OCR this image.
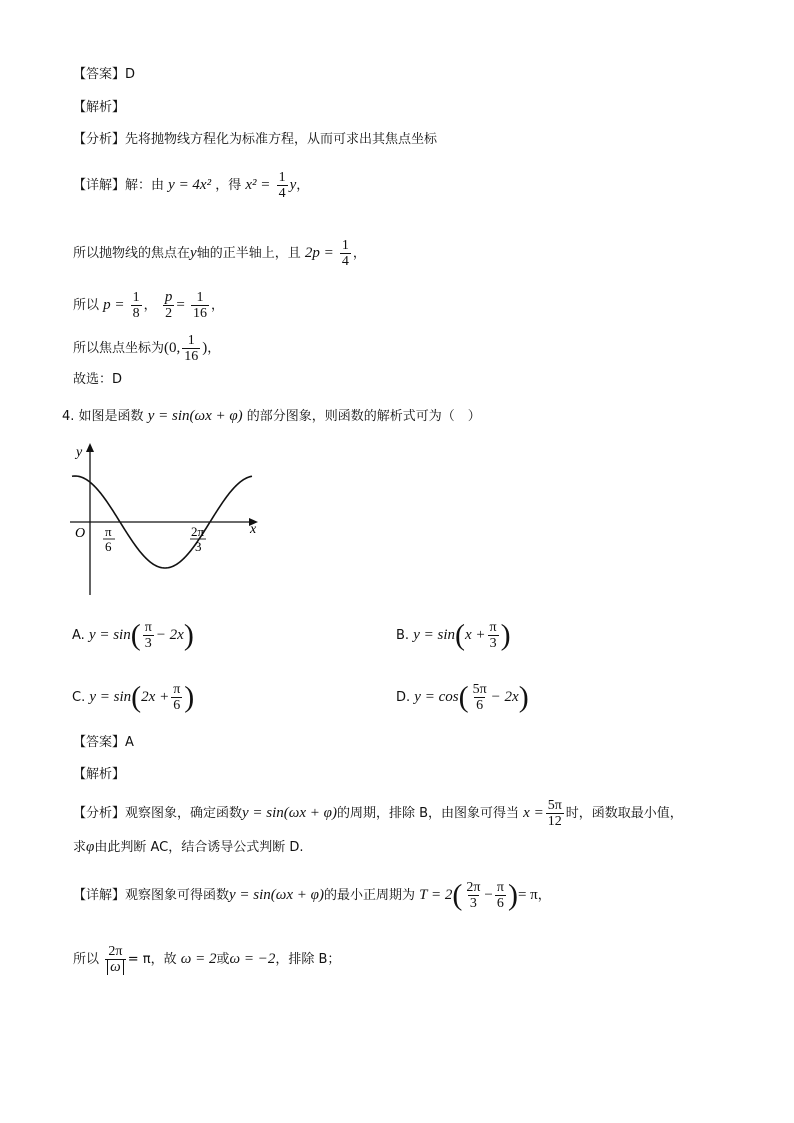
【答案】D
【解析】
【分析】先将抛物线方程化为标准方程，从而可求出其焦点坐标
【详解】解：由 y = 4x² ，得 $x^2 = \frac{1}{4}$ y，
所以抛物线的焦点在y轴的正半轴上，且 $2p = \frac{1}{4}$ ，
所以 $p = \frac{1}{8}$ ， $\frac{p}{2} = \frac{1}{16}$ ，
所以焦点坐标为(0, $\frac{1}{16}$ )，
故选：D
4. 如图是函数 y = sin(ωx + φ) 的部分图象，则函数的解析式可为（　）
y
x
O π
6
2π
3
A. $y = \sin( \frac{\pi}{3} - 2x)$	B. $y = \sin(x + \frac{\pi}{3}$ )
C. $y = \sin(2x + \frac{\pi}{6}$ )	D. $y = \cos( \frac{5\pi}{6} - 2x)$
【答案】A
【解析】
【分析】观察图象，确定函数y = sin(ωx + φ)的周期，排除 B，由图象可得当 $x = \frac{5\pi}{12}$ 时，函数取最小值，
求φ由此判断 AC，结合诱导公式判断 D.
【详解】观察图象可得函数y = sin(ωx + φ)的最小正周期为 $T = 2( \frac{2\pi}{3} - \frac{\pi}{6}$ )= π，
所以 $\frac{2\pi}{\omega} = \pi$，故 ω = 2或ω = −2，排除 B；
